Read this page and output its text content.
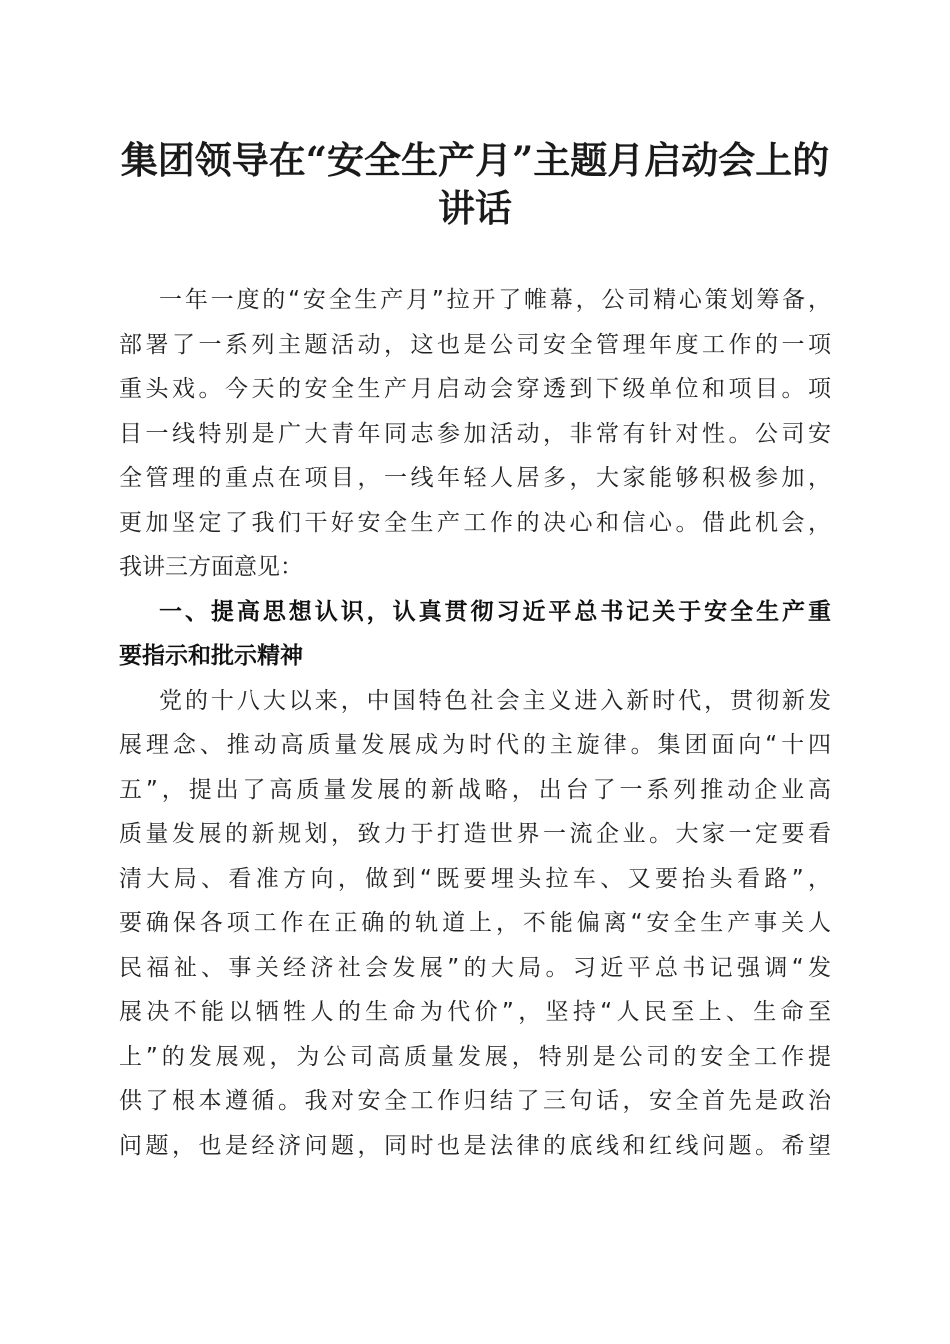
集团领导在“安全生产月”主题月启动会上的
讲话
一年一度的“安全生产月”拉开了帷幕，公司精心策划筹备，
部署了一系列主题活动，这也是公司安全管理年度工作的一项
重头戏。今天的安全生产月启动会穿透到下级单位和项目。项
目一线特别是广大青年同志参加活动，非常有针对性。公司安
全管理的重点在项目，一线年轻人居多，大家能够积极参加，
更加坚定了我们干好安全生产工作的决心和信心。借此机会，
我讲三方面意见：
一、提高思想认识，认真贯彻习近平总书记关于安全生产重
要指示和批示精神
党的十八大以来，中国特色社会主义进入新时代，贯彻新发
展理念、推动高质量发展成为时代的主旋律。集团面向“十四
五”，提出了高质量发展的新战略，出台了一系列推动企业高
质量发展的新规划，致力于打造世界一流企业。大家一定要看
清大局、看准方向，做到“既要埋头拉车、又要抬头看路”，
要确保各项工作在正确的轨道上，不能偏离“安全生产事关人
民福祉、事关经济社会发展”的大局。习近平总书记强调“发
展决不能以牺牲人的生命为代价”，坚持“人民至上、生命至
上”的发展观，为公司高质量发展，特别是公司的安全工作提
供了根本遵循。我对安全工作归结了三句话，安全首先是政治
问题，也是经济问题，同时也是法律的底线和红线问题。希望
